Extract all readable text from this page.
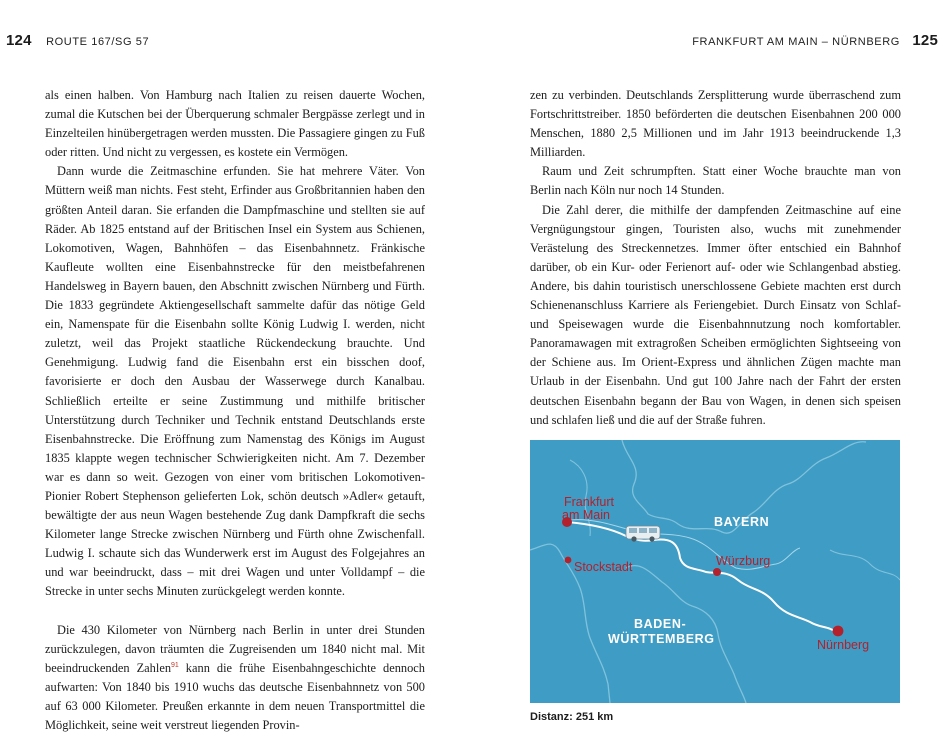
124 ROUTE 167/SG 57	FRANKFURT AM MAIN – NÜRNBERG 125

als einen halben. Von Hamburg nach Italien zu reisen dauerte Wochen, zumal die Kutschen bei der Überquerung schmaler Bergpässe zerlegt und in Einzelteilen hinübergetragen werden mussten. Die Passagiere gingen zu Fuß oder ritten. Und nicht zu vergessen, es kostete ein Vermögen.

Dann wurde die Zeitmaschine erfunden. Sie hat mehrere Väter. Von Müttern weiß man nichts. Fest steht, Erfinder aus Großbritannien haben den größten Anteil daran. Sie erfanden die Dampfmaschine und stellten sie auf Räder. Ab 1825 entstand auf der Britischen Insel ein System aus Schienen, Lokomotiven, Wagen, Bahnhöfen – das Eisenbahnnetz. Fränkische Kaufleute wollten eine Eisenbahnstrecke für den meistbefahrenen Handelsweg in Bayern bauen, den Abschnitt zwischen Nürnberg und Fürth. Die 1833 gegründete Aktiengesellschaft sammelte dafür das nötige Geld ein, Namenspate für die Eisenbahn sollte König Ludwig I. werden, nicht zuletzt, weil das Projekt staatliche Rückendeckung brauchte. Und Genehmigung. Ludwig fand die Eisenbahn erst ein bisschen doof, favorisierte er doch den Ausbau der Wasserwege durch Kanalbau. Schließlich erteilte er seine Zustimmung und mithilfe britischer Unterstützung durch Techniker und Technik entstand Deutschlands erste Eisenbahnstrecke. Die Eröffnung zum Namenstag des Königs im August 1835 klappte wegen technischer Schwierigkeiten nicht. Am 7. Dezember war es dann so weit. Gezogen von einer vom britischen Lokomotiven-Pionier Robert Stephenson gelieferten Lok, schön deutsch »Adler« getauft, bewältigte der aus neun Wagen bestehende Zug dank Dampfkraft die sechs Kilometer lange Strecke zwischen Nürnberg und Fürth ohne Zwischenfall. Ludwig I. schaute sich das Wunderwerk erst im August des Folgejahres an und war beeindruckt, dass – mit drei Wagen und unter Volldampf – die Strecke in unter sechs Minuten zurückgelegt werden konnte.

Die 430 Kilometer von Nürnberg nach Berlin in unter drei Stunden zurückzulegen, davon träumten die Zugreisenden um 1840 nicht mal. Mit beeindruckenden Zahlen$^{91}$ kann die frühe Eisenbahngeschichte dennoch aufwarten: Von 1840 bis 1910 wuchs das deutsche Eisenbahnnetz von 500 auf 63 000 Kilometer. Preußen erkannte in dem neuen Transportmittel die Möglichkeit, seine weit verstreut liegenden Provin-

zen zu verbinden. Deutschlands Zersplitterung wurde überraschend zum Fortschrittstreiber. 1850 beförderten die deutschen Eisenbahnen 200 000 Menschen, 1880 2,5 Millionen und im Jahr 1913 beeindruckende 1,3 Milliarden.

Raum und Zeit schrumpften. Statt einer Woche brauchte man von Berlin nach Köln nur noch 14 Stunden.

Die Zahl derer, die mithilfe der dampfenden Zeitmaschine auf eine Vergnügungstour gingen, Touristen also, wuchs mit zunehmender Verästelung des Streckennetzes. Immer öfter entschied ein Bahnhof darüber, ob ein Kur- oder Ferienort auf- oder wie Schlangenbad abstieg. Andere, bis dahin touristisch unerschlossene Gebiete machten erst durch Schienenanschluss Karriere als Feriengebiet. Durch Einsatz von Schlaf- und Speisewagen wurde die Eisenbahnnutzung noch komfortabler. Panoramawagen mit extragroßen Scheiben ermöglichten Sightseeing von der Schiene aus. Im Orient-Express und ähnlichen Zügen machte man Urlaub in der Eisenbahn. Und gut 100 Jahre nach der Fahrt der ersten deutschen Eisenbahn begann der Bau von Wagen, in denen sich speisen und schlafen ließ und die auf der Straße fuhren.

Frankfurt
am Main
Stockstadt	Würzburg
Nürnberg
BAYERN
BADEN-
WÜRTTEMBERG
Distanz: 251 km
